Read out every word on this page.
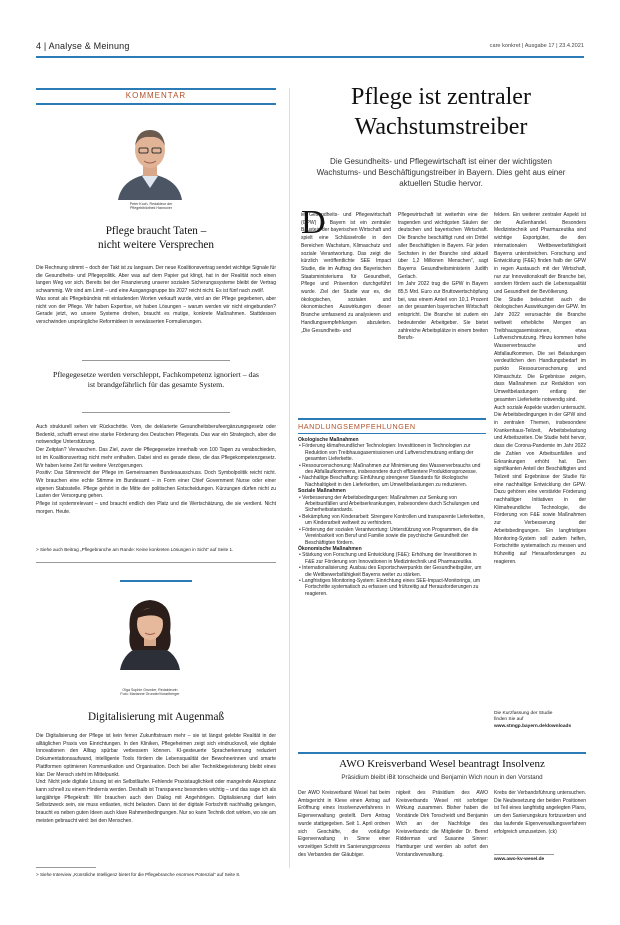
4 | Analyse & Meinung	care konkret | Ausgabe 17 | 23.4.2021
KOMMENTAR
Peter Koch, Redakteur der
Pflegebibliothek Hannover
Pflege braucht Taten –
nicht weitere Versprechen

Die Rechnung stimmt – doch der Takt ist zu langsam. Der neue Koalitionsvertrag sendet wichtige Signale für die Gesundheits- und Pflegepolitik. Aber was auf dem Papier gut klingt, hat in der Realität noch einen langen Weg vor sich. Bereits bei der Finanzierung unserer sozialen Sicherungssysteme bleibt der Vertrag schwammig. Wir sind am Limit – und eine Ausgangsgruppe bis 2027 reicht nicht. Es ist fünf nach zwölf.
Was sonst als Pflegebündnis mit einladenden Worten verkauft wurde, wird an der Pflege gegebenen, aber nicht von der Pflege. Wir haben Expertise, wir haben Lösungen – warum werden wir nicht eingebunden? Gerade jetzt, wo unsere Systeme drohen, braucht es mutige, konkrete Maßnahmen. Stattdessen verschwinden ursprüngliche Reformideen in verwässerten Formulierungen.

Pflegegesetze werden verschleppt, Fachkompetenz ignoriert – das ist brandgefährlich für das gesamte System.

Auch strukturell sehen wir Rückschritte. Vorn, die deklarierte Gesundheitsberufeergänzungsgesetz oder Bedenkt, schafft erneut eine starke Förderung des Deutschen Pflegerats. Das war ein Strategisch, aber die notwendige Unterstützung.
Der Zeitplan? Verwaschen. Das Ziel, zuvor die Pflegegesetze innerhalb von 100 Tagen zu verabschieden, ist im Koalitionsvertrag nicht mehr enthalten. Dabei sind es gerade diese, die das Pflegekompetenzgesetz. Wir haben keine Zeit für weitere Verzögerungen.
Positiv: Das Stimmrecht der Pflege im Gemeinsamen Bundesausschuss. Doch Symbolpolitik reicht nicht. Wir brauchen eine echte Stimme im Bundesamt – in Form einer Chief Government Nurse oder einer eigenen Stabsstelle. Pflege gehört in die Mitte der politischen Entscheidungen. Kürzungen dürfen nicht zu Lasten der Versorgung gehen.
Pflege ist systemrelevant – und braucht endlich den Platz und die Wertschätzung, die sie verdient. Nicht morgen. Heute.

> Siehe auch Beitrag „Pflegebranche am Rande: Keine konkreten Lösungen in Sicht“ auf Seite 1.
Olga Sophie Grunder, Redakteurin
Foto: Marianne Grunder/Vorarlberger
Digitalisierung mit Augenmaß

Die Digitalisierung der Pflege ist kein ferner Zukunftstraum mehr – sie ist längst gelebte Realität in der alltäglichen Praxis von Einrichtungen. In den Kliniken, Pflegeheimen zeigt sich eindrucksvoll, wie digitale Innovationen den Alltag spürbar verbessern können. KI-gesteuerte Spracherkennung reduziert Dokumentationsaufwand, intelligente Tools fördern die Lebensqualität der Bewohnerinnen und smarte Plattformen optimieren Kommunikation und Organisation. Doch bei aller Technikbegeisterung bleibt eines klar: Der Mensch steht im Mittelpunkt.
Und: Nicht jede digitale Lösung ist ein Selbstläufer. Fehlende Praxistauglichkeit oder mangelnde Akzeptanz kann schnell zu einem Hindernis werden. Deshalb ist Transparenz besonders wichtig – und das sage ich als langjährige Pflegekraft: Wir brauchen auch den Dialog mit Angehörigen. Digitalisierung darf kein Selbstzweck sein, sie muss entlasten, nicht belasten. Dann ist der digitale Fortschritt nachhaltig gelungen, braucht es neben guten Ideen auch klare Rahmenbedingungen. Nur so kann Technik dort wirken, wo sie am meisten gebraucht wird: bei den Menschen.

> Siehe Interview „Künstliche Intelligenz bietet für die Pflegebranche enormes Potenzial“ auf Seite 8.
Pflege ist zentraler
Wachstumstreiber
Die Gesundheits- und Pflegewirtschaft ist einer der wichtigsten Wachstums- und Beschäftigungstreiber in Bayern. Dies geht aus einer aktuellen Studie hervor.
D

ie Gesundheits- und Pflegewirtschaft (GPW) in Bayern ist ein zentraler Baustein der bayerischen Wirtschaft und spielt eine Schlüsselrolle in den Bereichen Wachstum, Klimaschutz und soziale Verantwortung. Das zeigt die kürzlich veröffentlichte SEE Impact Studie, die im Auftrag des Bayerischen Staatsministeriums für Gesundheit, Pflege und Prävention durchgeführt wurde. Ziel der Studie war es, die ökologischen, sozialen und ökonomischen Auswirkungen dieser Branche umfassend zu analysieren und Handlungsempfehlungen abzuleiten. „Die Gesundheits- und

Pflegewirtschaft ist weiterhin eine der tragenden und wichtigsten Säulen der deutschen und bayerischen Wirtschaft. Die Branche beschäftigt rund ein Drittel aller Beschäftigten in Bayern. Für jeden Sechsten in der Branche sind aktuell über 1,2 Millionen Menschen“, sagt Bayerns Gesundheitsministerin Judith Gerlach.
Im Jahr 2022 trug die GPW in Bayern 85,5 Mrd. Euro zur Bruttowertschöpfung bei, was einem Anteil von 10,1 Prozent an der gesamten bayerischen Wirtschaft entspricht. Die Branche ist zudem ein bedeutender Arbeitgeber. Sie bietet zahlreiche Arbeitsplätze in einem breiten Berufs-

feldern. Ein weiterer zentraler Aspekt ist der Außenhandel. Besonders Medizintechnik und Pharmazeutika sind wichtige Exportgüter, die den internationalen Wettbewerbsfähigkeit Bayerns unterstreichen. Forschung und Entwicklung (F&E) finden halb der GPW in regen Austausch mit der Wirtschaft, nur zur Innovationskraft der Branche bei, sondern fördern auch die Lebensqualität und Gesundheit der Bevölkerung.
Die Studie beleuchtet auch die ökologischen Auswirkungen der GPW. Im Jahr 2022 verursachte die Branche weltweit erhebliche Mengen an Treibhausgasemissionen, etwa Luftverschmutzung. Hinzu kommen hohe Wasserverbrauche und Abfallaufkommen. Die sei Belastungen verdeutlichen den Handlungsbedarf im punkto Ressourcenschonung und Klimaschutz. Die Ergebnisse zeigen, dass Maßnahmen zur Reduktion von Umweltbelastungen entlang der gesamten Lieferkette notwendig sind.
Auch soziale Aspekte wurden untersucht. Die Arbeitsbedingungen in der GPW sind in zentralen Themen, insbesondere Krankenhaus-Teilzeit, Arbeitsbelastung und Arbeitszeiten. Die Studie hebt hervor, dass die Corona-Pandemie im Jahr 2022 die Zahlen von Arbeitsunfällen und Erkrankungen erhöht hat. Den signifikanten Anteil der Beschäftigten und Teilzeit sind Ergebnisse der Studie für eine nachhaltige Entwicklung der GPW. Dazu gehören eine verstärkte Förderung nachhaltiger Initiativen in der Klimafreundliche Technologie, die Förderung von F&E sowie Maßnahmen zur Verbesserung der Arbeitsbedingungen. Ein langfristiges Monitoring-System soll zudem helfen, Fortschritte systematisch zu messen und frühzeitig auf Herausforderungen zu reagieren.

HANDLUNGSEMPFEHLUNGEN
Ökologische Maßnahmen
• Förderung klimafreundlicher Technologien: Investitionen in Technologien zur Reduktion von Treibhausgasemissionen und Luftverschmutzung entlang der gesamten Lieferkette.
• Ressourcenschonung: Maßnahmen zur Minimierung des Wasserverbrauchs und des Abfallaufkommens, insbesondere durch effizientere Produktionsprozesse.
• Nachhaltige Beschaffung: Einführung strengerer Standards für ökologische Nachhaltigkeit in den Lieferketten, um Umweltbelastungen zu reduzieren.
Soziale Maßnahmen
• Verbesserung der Arbeitsbedingungen: Maßnahmen zur Senkung von Arbeitsunfällen und Arbeitserkrankungen, insbesondere durch Schulungen und Sicherheitsstandards.
• Bekämpfung von Kinderarbeit: Strengere Kontrollen und transparente Lieferketten, um Kinderarbeit weltweit zu verhindern.
• Förderung der sozialen Verantwortung: Unterstützung von Programmen, die die Vereinbarkeit von Beruf und Familie sowie die psychische Gesundheit der Beschäftigten fördern.
Ökonomische Maßnahmen
• Stärkung von Forschung und Entwicklung (F&E): Erhöhung der Investitionen in F&E zur Förderung von Innovationen in Medizintechnik und Pharmazeutika.
• Internationalisierung: Ausbau des Exportschwerpunkts der Gesundheitsgüter, um die Wettbewerbsfähigkeit Bayerns weiter zu stärken.
• Langfristiges Monitoring-System: Einrichtung eines SEE-Impact-Monitorings, um Fortschritte systematisch zu erfassen und frühzeitig auf Herausforderungen zu reagieren.
Die Kurzfassung der Studie
finden Sie auf
www.stmgp.bayern.de/downloads
AWO Kreisverband Wesel beantragt Insolvenz
Präsidium bleibt iBit tonscheide und Benjamin Wich noun in den Vorstand

Der AWO Kreisverband Wesel hat beim Amtsgericht in Kleve einen Antrag auf Eröffnung eines Insolvenzverfahrens in Eigenverwaltung gestellt. Dem Antrag wurde stattgegeben. Seit 1. April ordnen sich Geschäfte, die vorläufige Eigenverwaltung in Sinne einer vorzeitigen Schritt im Sanierungsprozess des Verbandes der Gläubiger.

nigkeit des Präsidium des AWO Kreisverbands Wesel mit sofortiger Wirkung zusammen. Bisher haben die Vorstände Dirk Tonscheidt und Benjamin Wich an der Nachfolge des Kreisverbands: die Mitglieder Dr. Bernd Ridderman und Susanne Sinner: Hamburger und werden ab sofort den Vorstandsverwaltung.

Krebs der Verbandsführung untersuchen. Die Neubesetzung der beiden Positionen ist Teil eines langfristig angelegten Plans, um den Sanierungskurs fortzusetzen und das laufende Eigenverwaltungsverfahren erfolgreich umzusetzen. (ck)

www.awo-kv-wesel.de
